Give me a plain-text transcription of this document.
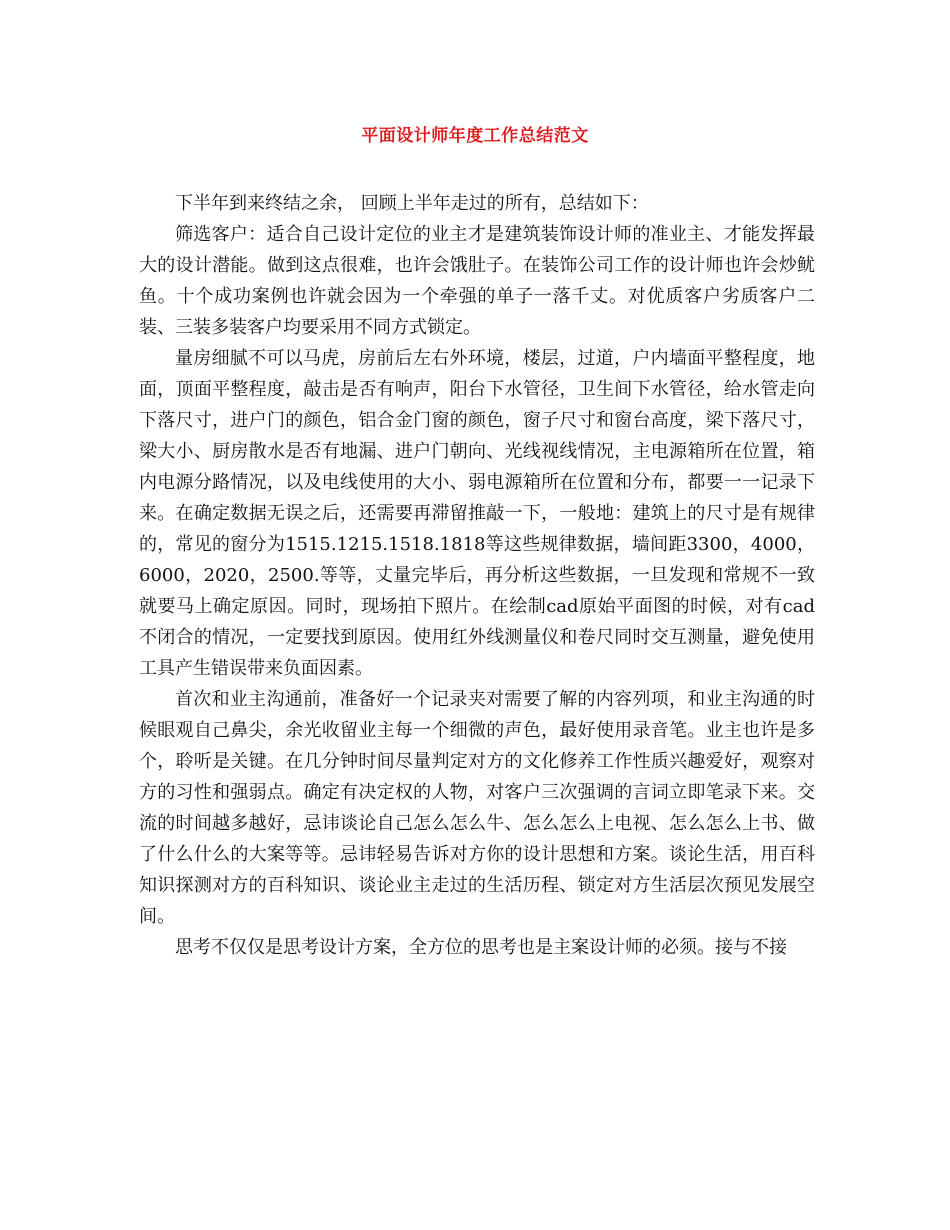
平面设计师年度工作总结范文

下半年到来终结之余， 回顾上半年走过的所有，总结如下：

筛选客户：适合自己设计定位的业主才是建筑装饰设计师的准业主、才能发挥最大的设计潜能。做到这点很难，也许会饿肚子。在装饰公司工作的设计师也许会炒鱿鱼。十个成功案例也许就会因为一个牵强的单子一落千丈。对优质客户劣质客户二装、三装多装客户均要采用不同方式锁定。

量房细腻不可以马虎，房前后左右外环境，楼层，过道，户内墙面平整程度，地面，顶面平整程度，敲击是否有响声，阳台下水管径，卫生间下水管径，给水管走向下落尺寸，进户门的颜色，铝合金门窗的颜色，窗子尺寸和窗台高度，梁下落尺寸，梁大小、厨房散水是否有地漏、进户门朝向、光线视线情况，主电源箱所在位置，箱内电源分路情况，以及电线使用的大小、弱电源箱所在位置和分布，都要一一记录下来。在确定数据无误之后，还需要再滞留推敲一下，一般地：建筑上的尺寸是有规律的，常见的窗分为1515.1215.1518.1818等这些规律数据，墙间距3300，4000，6000，2020，2500.等等，丈量完毕后，再分析这些数据，一旦发现和常规不一致就要马上确定原因。同时，现场拍下照片。在绘制cad原始平面图的时候，对有cad不闭合的情况，一定要找到原因。使用红外线测量仪和卷尺同时交互测量，避免使用工具产生错误带来负面因素。

首次和业主沟通前，准备好一个记录夹对需要了解的内容列项，和业主沟通的时候眼观自己鼻尖，余光收留业主每一个细微的声色，最好使用录音笔。业主也许是多个，聆听是关键。在几分钟时间尽量判定对方的文化修养工作性质兴趣爱好，观察对方的习性和强弱点。确定有决定权的人物，对客户三次强调的言词立即笔录下来。交流的时间越多越好，忌讳谈论自己怎么怎么牛、怎么怎么上电视、怎么怎么上书、做了什么什么的大案等等。忌讳轻易告诉对方你的设计思想和方案。谈论生活，用百科知识探测对方的百科知识、谈论业主走过的生活历程、锁定对方生活层次预见发展空间。

思考不仅仅是思考设计方案，全方位的思考也是主案设计师的必须。接与不接
